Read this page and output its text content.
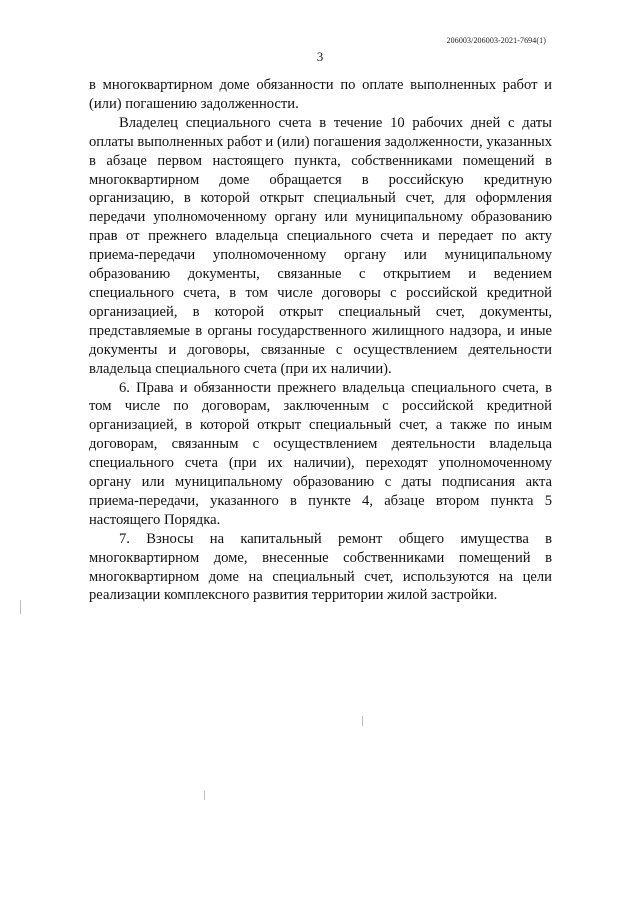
206003/206003-2021-7694(1)
3

в многоквартирном доме обязанности по оплате выполненных работ и (или) погашению задолженности.

Владелец специального счета в течение 10 рабочих дней с даты оплаты выполненных работ и (или) погашения задолженности, указанных в абзаце первом настоящего пункта, собственниками помещений в многоквартирном доме обращается в российскую кредитную организацию, в которой открыт специальный счет, для оформления передачи уполномоченному органу или муниципальному образованию прав от прежнего владельца специального счета и передает по акту приема-передачи уполномоченному органу или муниципальному образованию документы, связанные с открытием и ведением специального счета, в том числе договоры с российской кредитной организацией, в которой открыт специальный счет, документы, представляемые в органы государственного жилищного надзора, и иные документы и договоры, связанные с осуществлением деятельности владельца специального счета (при их наличии).

6. Права и обязанности прежнего владельца специального счета, в том числе по договорам, заключенным с российской кредитной организацией, в которой открыт специальный счет, а также по иным договорам, связанным с осуществлением деятельности владельца специального счета (при их наличии), переходят уполномоченному органу или муниципальному образованию с даты подписания акта приема-передачи, указанного в пункте 4, абзаце втором пункта 5 настоящего Порядка.

7. Взносы на капитальный ремонт общего имущества в многоквартирном доме, внесенные собственниками помещений в многоквартирном доме на специальный счет, используются на цели реализации комплексного развития территории жилой застройки.
